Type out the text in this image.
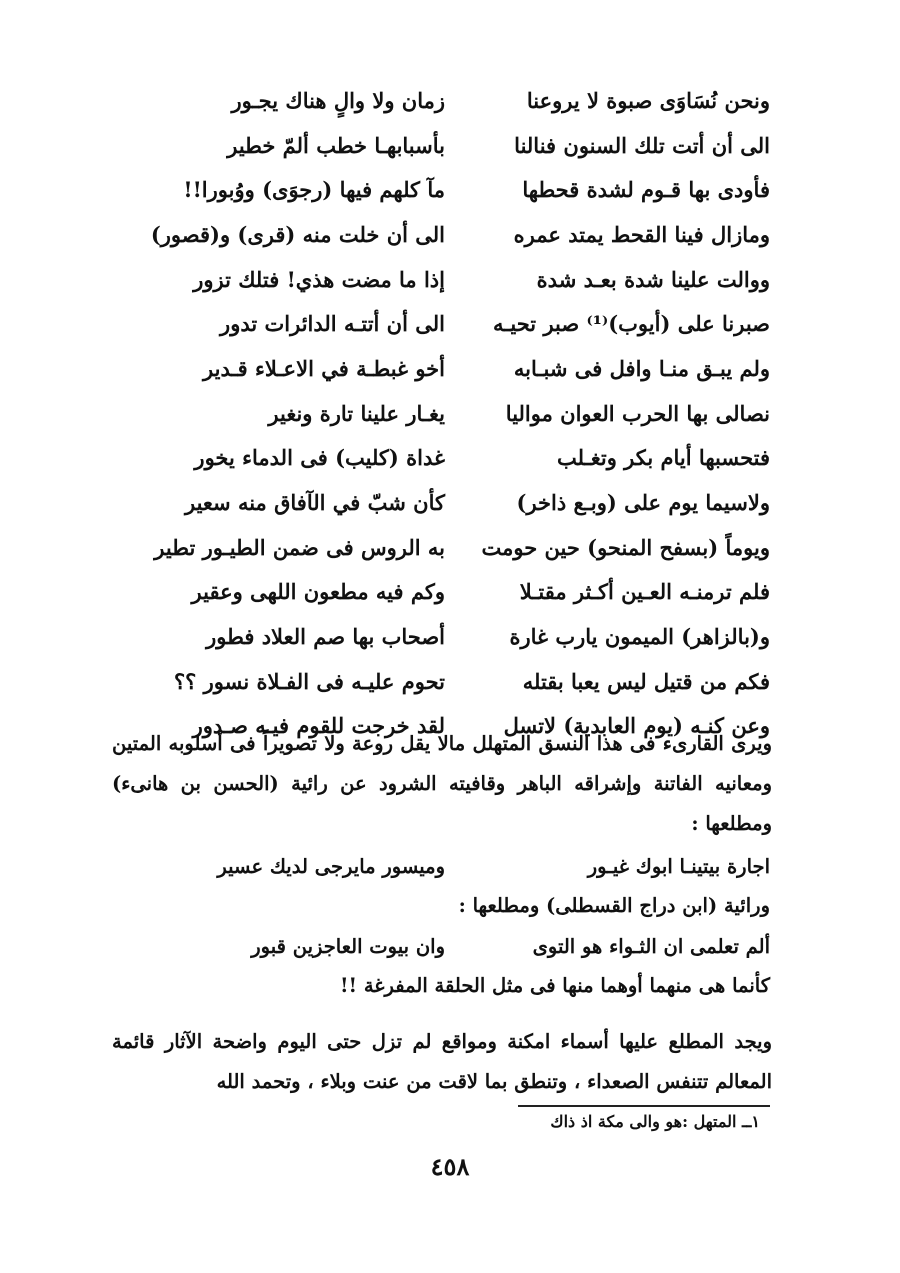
ونحن نُسَاوَى صبوة لا يروعنا
زمان ولا والٍ هناك يجـور
الى أن أتت تلك السنون فنالنا
بأسبابهـا خطب ألمّ خطير
فأودى بها قـوم لشدة قحطها
مآ كلهم فيها (رجوَى) ووُبورا!!
ومازال فينا القحط يمتد عمره
الى أن خلت منه (قرى) و(قصور)
ووالت علينا شدة بعـد شدة
إذا ما مضت هذي! فتلك تزور
صبرنا على (أيوب)⁽¹⁾ صبر تحيـه
الى أن أتتـه الدائرات تدور
ولم يبـق منـا وافل فى شبـابه
أخو غبطـة في الاعـلاء قـدير
نصالى بها الحرب العوان مواليا
يغـار علينا تارة ونغير
فتحسبها أيام بكر وتغـلب
غداة (كليب) فى الدماء يخور
ولاسيما يوم على (وبـع ذاخر)
كأن شبّ في الآفاق منه سعير
ويوماً (بسفح المنحو) حين حومت
به الروس فى ضمن الطيـور تطير
فلم ترمنـه العـين أكـثر مقتـلا
وكم فيه مطعون اللهى وعقير
و(بالزاهر) الميمون يارب غارة
أصحاب بها صم العلاد فطور
فكم من قتيل ليس يعبا بقتله
تحوم عليـه فى الفـلاة نسور ؟؟
وعن كنـه (يوم العابدية) لاتسل
لقد خرجت للقوم فيـه صـدور

ويرى القارىء فى هذا النسق المتهلل مالا يقل روعة ولا تصويراً فى أسلوبه المتين ومعانيه الفاتنة وإشراقه الباهر وقافيته الشرود عن رائية (الحسن بن هانىء) ومطلعها :

اجارة بيتينـا ابوك غيـور
وميسور مايرجى لديك عسير
ورائية (ابن دراج القسطلى) ومطلعها :
ألم تعلمى ان الثـواء هو التوى
وان بيوت العاجزين قبور
كأنما هى منهما أوهما منها فى مثل الحلقة المفرغة !!

ويجد المطلع عليها أسماء امكنة ومواقع لم تزل حتى اليوم واضحة الآثار قائمة المعالم تتنفس الصعداء ، وتنطق بما لاقت من عنت وبلاء ، وتحمد الله

١ــ المتهل :هو والى مكة اذ ذاك
٤٥٨
